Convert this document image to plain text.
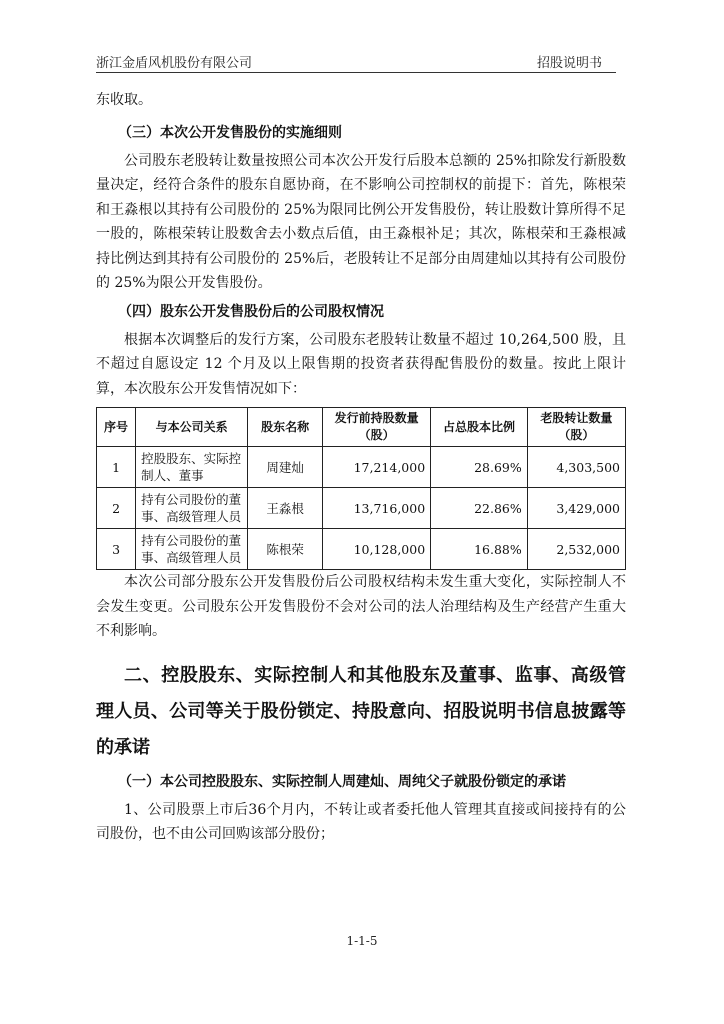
浙江金盾风机股份有限公司	招股说明书

东收取。

（三）本次公开发售股份的实施细则

公司股东老股转让数量按照公司本次公开发行后股本总额的 25%扣除发行新股数量决定，经符合条件的股东自愿协商，在不影响公司控制权的前提下：首先，陈根荣和王淼根以其持有公司股份的 25%为限同比例公开发售股份，转让股数计算所得不足一股的，陈根荣转让股数舍去小数点后值，由王淼根补足；其次，陈根荣和王淼根减持比例达到其持有公司股份的 25%后，老股转让不足部分由周建灿以其持有公司股份的 25%为限公开发售股份。

（四）股东公开发售股份后的公司股权情况

根据本次调整后的发行方案，公司股东老股转让数量不超过 10,264,500 股，且不超过自愿设定 12 个月及以上限售期的投资者获得配售股份的数量。按此上限计算，本次股东公开发售情况如下：

序号	与本公司关系	股东名称	发行前持股数量（股）	占总股本比例	老股转让数量（股）
1	控股股东、实际控制人、董事	周建灿	17,214,000	28.69%	4,303,500
2	持有公司股份的董事、高级管理人员	王淼根	13,716,000	22.86%	3,429,000
3	持有公司股份的董事、高级管理人员	陈根荣	10,128,000	16.88%	2,532,000

本次公司部分股东公开发售股份后公司股权结构未发生重大变化，实际控制人不会发生变更。公司股东公开发售股份不会对公司的法人治理结构及生产经营产生重大不利影响。

二、控股股东、实际控制人和其他股东及董事、监事、高级管理人员、公司等关于股份锁定、持股意向、招股说明书信息披露等的承诺
（一）本公司控股股东、实际控制人周建灿、周纯父子就股份锁定的承诺

1、公司股票上市后36个月内，不转让或者委托他人管理其直接或间接持有的公司股份，也不由公司回购该部分股份；

1-1-5
